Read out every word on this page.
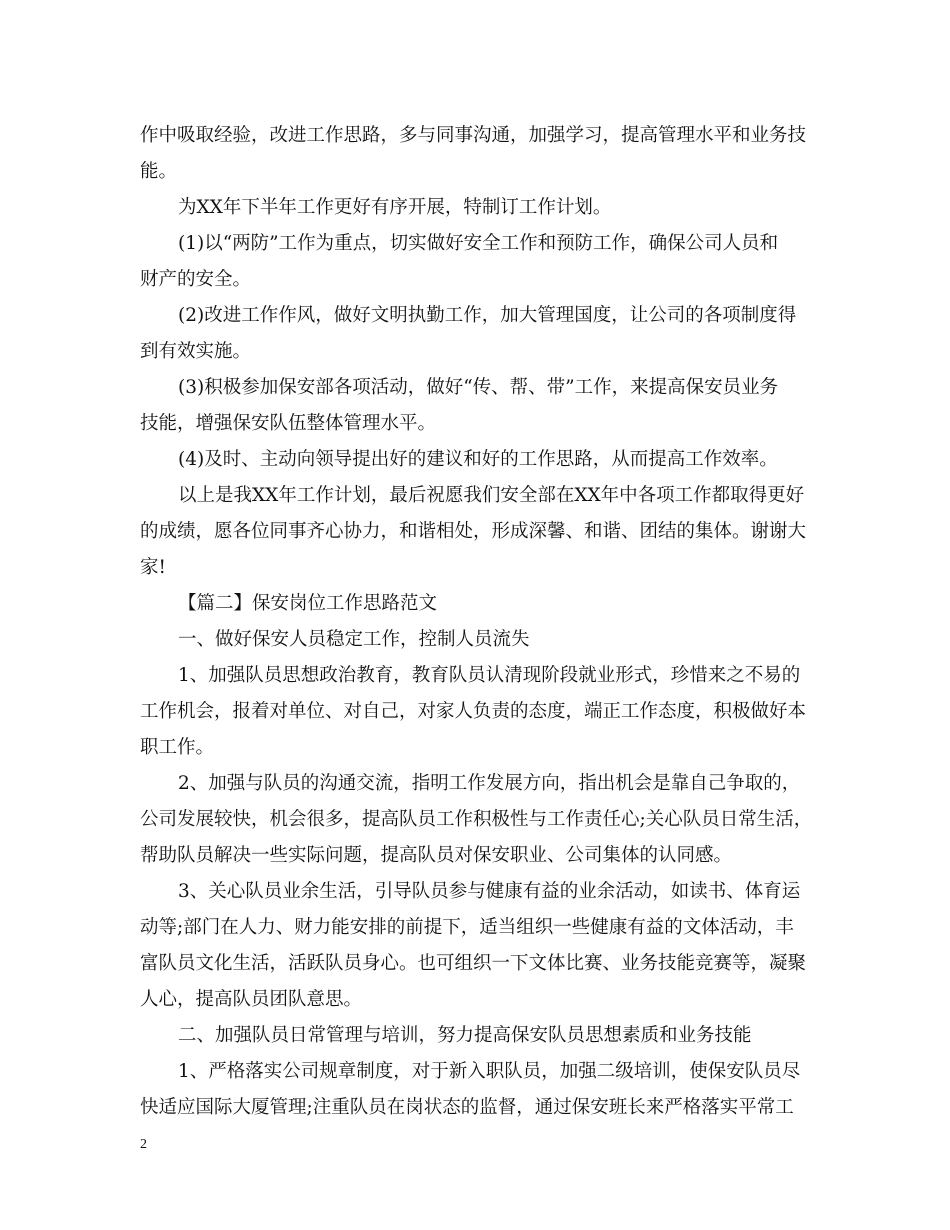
作中吸取经验，改进工作思路，多与同事沟通，加强学习，提高管理水平和业务技
能。
为XX年下半年工作更好有序开展，特制订工作计划。
(1)以“两防”工作为重点，切实做好安全工作和预防工作，确保公司人员和
财产的安全。
(2)改进工作作风，做好文明执勤工作，加大管理国度，让公司的各项制度得
到有效实施。
(3)积极参加保安部各项活动，做好“传、帮、带”工作，来提高保安员业务
技能，增强保安队伍整体管理水平。
(4)及时、主动向领导提出好的建议和好的工作思路，从而提高工作效率。
以上是我XX年工作计划，最后祝愿我们安全部在XX年中各项工作都取得更好
的成绩，愿各位同事齐心协力，和谐相处，形成深馨、和谐、团结的集体。谢谢大
家!
【篇二】保安岗位工作思路范文
一、做好保安人员稳定工作，控制人员流失
1、加强队员思想政治教育，教育队员认清现阶段就业形式，珍惜来之不易的
工作机会，报着对单位、对自己，对家人负责的态度，端正工作态度，积极做好本
职工作。
2、加强与队员的沟通交流，指明工作发展方向，指出机会是靠自己争取的，
公司发展较快，机会很多，提高队员工作积极性与工作责任心;关心队员日常生活，
帮助队员解决一些实际问题，提高队员对保安职业、公司集体的认同感。
3、关心队员业余生活，引导队员参与健康有益的业余活动，如读书、体育运
动等;部门在人力、财力能安排的前提下，适当组织一些健康有益的文体活动，丰
富队员文化生活，活跃队员身心。也可组织一下文体比赛、业务技能竞赛等，凝聚
人心，提高队员团队意思。
二、加强队员日常管理与培训，努力提高保安队员思想素质和业务技能
1、严格落实公司规章制度，对于新入职队员，加强二级培训，使保安队员尽
快适应国际大厦管理;注重队员在岗状态的监督，通过保安班长来严格落实平常工
2
